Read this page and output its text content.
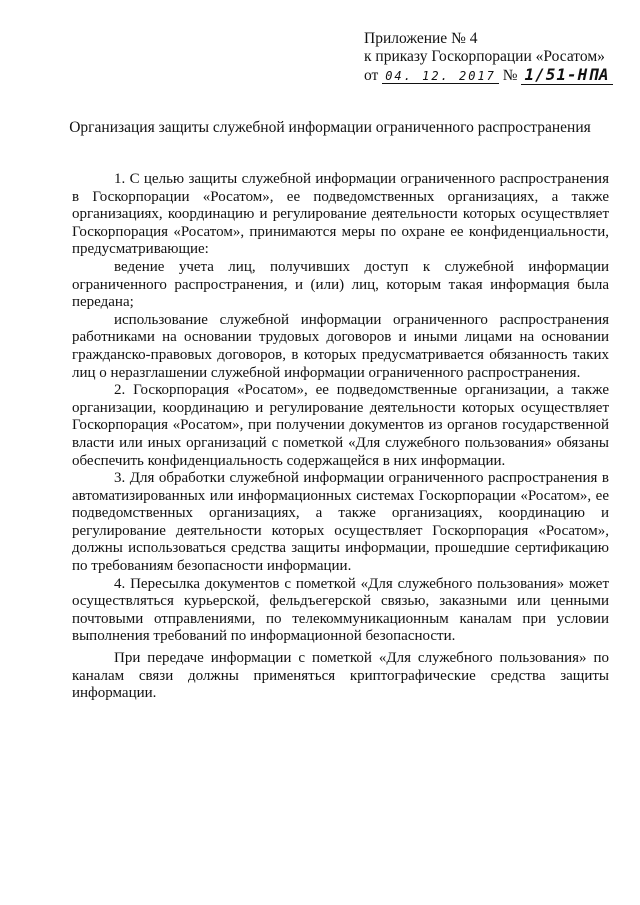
Приложение № 4
к приказу Госкорпорации «Росатом»
от 04. 12. 2017 № 1/51-НПА
Организация защиты служебной информации ограниченного распространения

1. С целью защиты служебной информации ограниченного распространения в Госкорпорации «Росатом», ее подведомственных организациях, а также организациях, координацию и регулирование деятельности которых осуществляет Госкорпорация «Росатом», принимаются меры по охране ее конфиденциальности, предусматривающие:

ведение учета лиц, получивших доступ к служебной информации ограниченного распространения, и (или) лиц, которым такая информация была передана;

использование служебной информации ограниченного распространения работниками на основании трудовых договоров и иными лицами на основании гражданско-правовых договоров, в которых предусматривается обязанность таких лиц о неразглашении служебной информации ограниченного распространения.

2. Госкорпорация «Росатом», ее подведомственные организации, а также организации, координацию и регулирование деятельности которых осуществляет Госкорпорация «Росатом», при получении документов из органов государственной власти или иных организаций с пометкой «Для служебного пользования» обязаны обеспечить конфиденциальность содержащейся в них информации.

3. Для обработки служебной информации ограниченного распространения в автоматизированных или информационных системах Госкорпорации «Росатом», ее подведомственных организациях, а также организациях, координацию и регулирование деятельности которых осуществляет Госкорпорация «Росатом», должны использоваться средства защиты информации, прошедшие сертификацию по требованиям безопасности информации.

4. Пересылка документов с пометкой «Для служебного пользования» может осуществляться курьерской, фельдъегерской связью, заказными или ценными почтовыми отправлениями, по телекоммуникационным каналам при условии выполнения требований по информационной безопасности.

При передаче информации с пометкой «Для служебного пользования» по каналам связи должны применяться криптографические средства защиты информации.
